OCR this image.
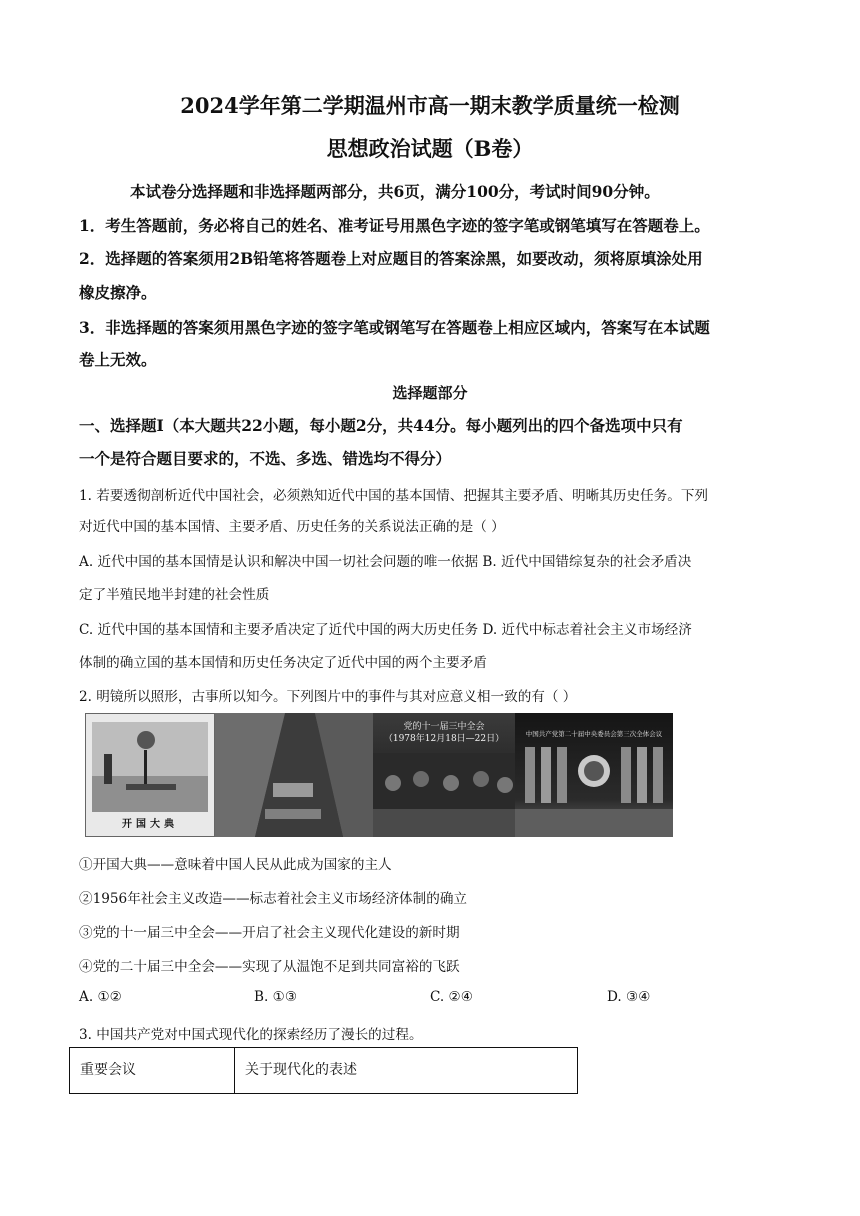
2024学年第二学期温州市高一期末教学质量统一检测
思想政治试题（B卷）
本试卷分选择题和非选择题两部分，共6页，满分100分，考试时间90分钟。
1．考生答题前，务必将自己的姓名、准考证号用黑色字迹的签字笔或钢笔填写在答题卷上。
2．选择题的答案须用2B铅笔将答题卷上对应题目的答案涂黑，如要改动，须将原填涂处用
橡皮擦净。
3．非选择题的答案须用黑色字迹的签字笔或钢笔写在答题卷上相应区域内，答案写在本试题
卷上无效。
选择题部分
一、选择题Ⅰ（本大题共22小题，每小题2分，共44分。每小题列出的四个备选项中只有
一个是符合题目要求的，不选、多选、错选均不得分）
1. 若要透彻剖析近代中国社会，必须熟知近代中国的基本国情、把握其主要矛盾、明晰其历史任务。下列
对近代中国的基本国情、主要矛盾、历史任务的关系说法正确的是（ ）
A. 近代中国的基本国情是认识和解决中国一切社会问题的唯一依据 B. 近代中国错综复杂的社会矛盾决
定了半殖民地半封建的社会性质
C. 近代中国的基本国情和主要矛盾决定了近代中国的两大历史任务 D. 近代中标志着社会主义市场经济
体制的确立国的基本国情和历史任务决定了近代中国的两个主要矛盾
2. 明镜所以照形，古事所以知今。下列图片中的事件与其对应意义相一致的有（ ）
开国大典
党的十一届三中全会
（1978年12月18日—22日）	中国共产党第二十届中央委员会第三次全体会议
①开国大典——意味着中国人民从此成为国家的主人
②1956年社会主义改造——标志着社会主义市场经济体制的确立
③党的十一届三中全会——开启了社会主义现代化建设的新时期
④党的二十届三中全会——实现了从温饱不足到共同富裕的飞跃
A. ①②	B. ①③	C. ②④	D. ③④
3. 中国共产党对中国式现代化的探索经历了漫长的过程。
重要会议	关于现代化的表述
